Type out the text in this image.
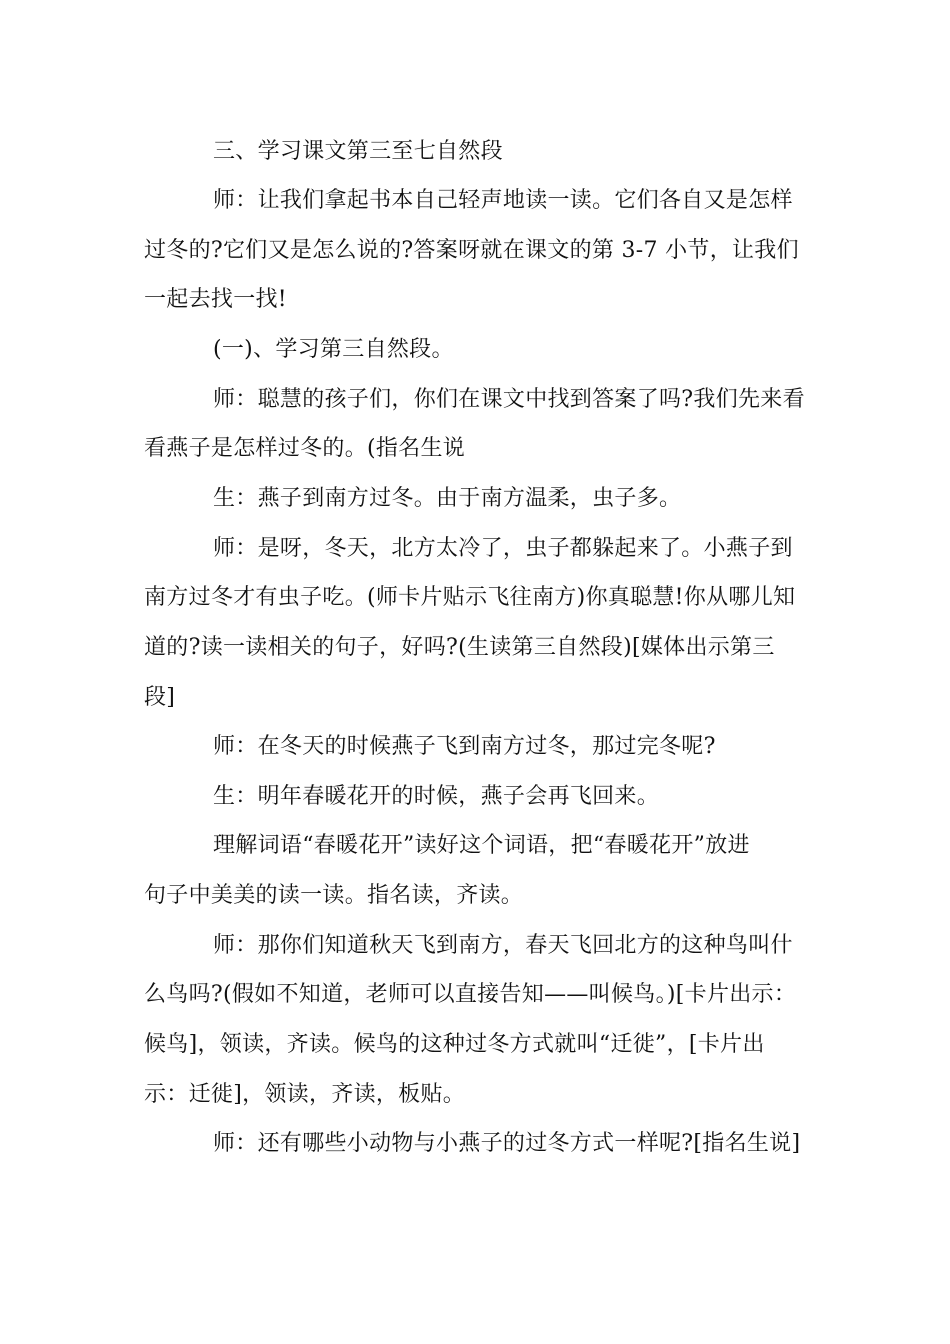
三、学习课文第三至七自然段
师：让我们拿起书本自己轻声地读一读。它们各自又是怎样
过冬的?它们又是怎么说的?答案呀就在课文的第 3-7 小节，让我们
一起去找一找!
(一)、学习第三自然段。
师：聪慧的孩子们，你们在课文中找到答案了吗?我们先来看
看燕子是怎样过冬的。(指名生说
生：燕子到南方过冬。由于南方温柔，虫子多。
师：是呀，冬天，北方太冷了，虫子都躲起来了。小燕子到
南方过冬才有虫子吃。(师卡片贴示飞往南方)你真聪慧!你从哪儿知
道的?读一读相关的句子，好吗?(生读第三自然段)[媒体出示第三
段]
师：在冬天的时候燕子飞到南方过冬，那过完冬呢?
生：明年春暖花开的时候，燕子会再飞回来。
理解词语“春暖花开”读好这个词语，把“春暖花开”放进
句子中美美的读一读。指名读，齐读。
师：那你们知道秋天飞到南方，春天飞回北方的这种鸟叫什
么鸟吗?(假如不知道，老师可以直接告知——叫候鸟。)[卡片出示：
候鸟]，领读，齐读。候鸟的这种过冬方式就叫“迁徙”，[卡片出
示：迁徙]，领读，齐读，板贴。
师：还有哪些小动物与小燕子的过冬方式一样呢?[指名生说]
